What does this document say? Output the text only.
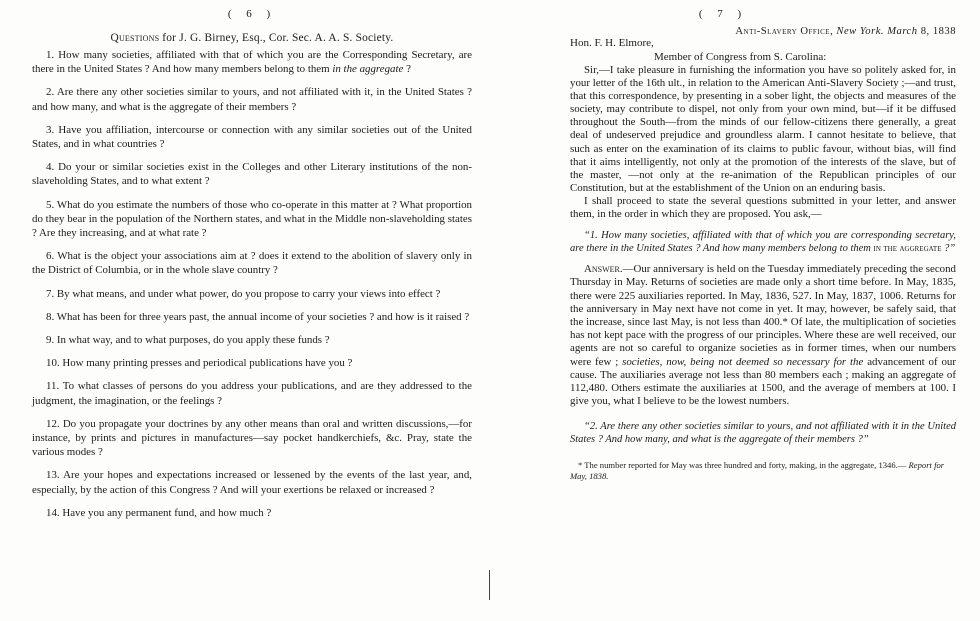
( 6 )
Questions for J. G. Birney, Esq., Cor. Sec. A. A. S. Society.

1. How many societies, affiliated with that of which you are the Corresponding Secretary, are there in the United States ? And how many members belong to them in the aggregate ?

2. Are there any other societies similar to yours, and not affiliated with it, in the United States ? and how many, and what is the aggregate of their members ?

3. Have you affiliation, intercourse or connection with any similar societies out of the United States, and in what countries ?

4. Do your or similar societies exist in the Colleges and other Literary institutions of the non-slaveholding States, and to what extent ?

5. What do you estimate the numbers of those who co-operate in this matter at ? What proportion do they bear in the population of the Northern states, and what in the Middle non-slaveholding states ? Are they increasing, and at what rate ?

6. What is the object your associations aim at ? does it extend to the abolition of slavery only in the District of Columbia, or in the whole slave country ?

7. By what means, and under what power, do you propose to carry your views into effect ?

8. What has been for three years past, the annual income of your societies ? and how is it raised ?

9. In what way, and to what purposes, do you apply these funds ?

10. How many printing presses and periodical publications have you ?

11. To what classes of persons do you address your publications, and are they addressed to the judgment, the imagination, or the feelings ?

12. Do you propagate your doctrines by any other means than oral and written discussions,—for instance, by prints and pictures in manufactures—say pocket handkerchiefs, &c. Pray, state the various modes ?

13. Are your hopes and expectations increased or lessened by the events of the last year, and, especially, by the action of this Congress ? And will your exertions be relaxed or increased ?

14. Have you any permanent fund, and how much ?

( 7 )
Anti-Slavery Office, New York. March 8, 1838
Hon. F. H. Elmore,
Member of Congress from S. Carolina:

Sir,—I take pleasure in furnishing the information you have so politely asked for, in your letter of the 16th ult., in relation to the American Anti-Slavery Society ;—and trust, that this correspondence, by presenting in a sober light, the objects and measures of the society, may contribute to dispel, not only from your own mind, but—if it be diffused throughout the South—from the minds of our fellow-citizens there generally, a great deal of undeserved prejudice and groundless alarm. I cannot hesitate to believe, that such as enter on the examination of its claims to public favour, without bias, will find that it aims intelligently, not only at the promotion of the interests of the slave, but of the master, —not only at the re-animation of the Republican principles of our Constitution, but at the establishment of the Union on an enduring basis.

I shall proceed to state the several questions submitted in your letter, and answer them, in the order in which they are proposed. You ask,—

“1. How many societies, affiliated with that of which you are corresponding secretary, are there in the United States ? And how many members belong to them in the aggregate ?”

Answer.—Our anniversary is held on the Tuesday immediately preceding the second Thursday in May. Returns of societies are made only a short time before. In May, 1835, there were 225 auxiliaries reported. In May, 1836, 527. In May, 1837, 1006. Returns for the anniversary in May next have not come in yet. It may, however, be safely said, that the increase, since last May, is not less than 400.* Of late, the multiplication of societies has not kept pace with the progress of our principles. Where these are well received, our agents are not so careful to organize societies as in former times, when our numbers were few ; societies, now, being not deemed so necessary for the advancement of our cause. The auxiliaries average not less than 80 members each ; making an aggregate of 112,480. Others estimate the auxiliaries at 1500, and the average of members at 100. I give you, what I believe to be the lowest numbers.

“2. Are there any other societies similar to yours, and not affiliated with it in the United States ? And how many, and what is the aggregate of their members ?”

* The number reported for May was three hundred and forty, making, in the aggregate, 1346.— Report for May, 1838.
